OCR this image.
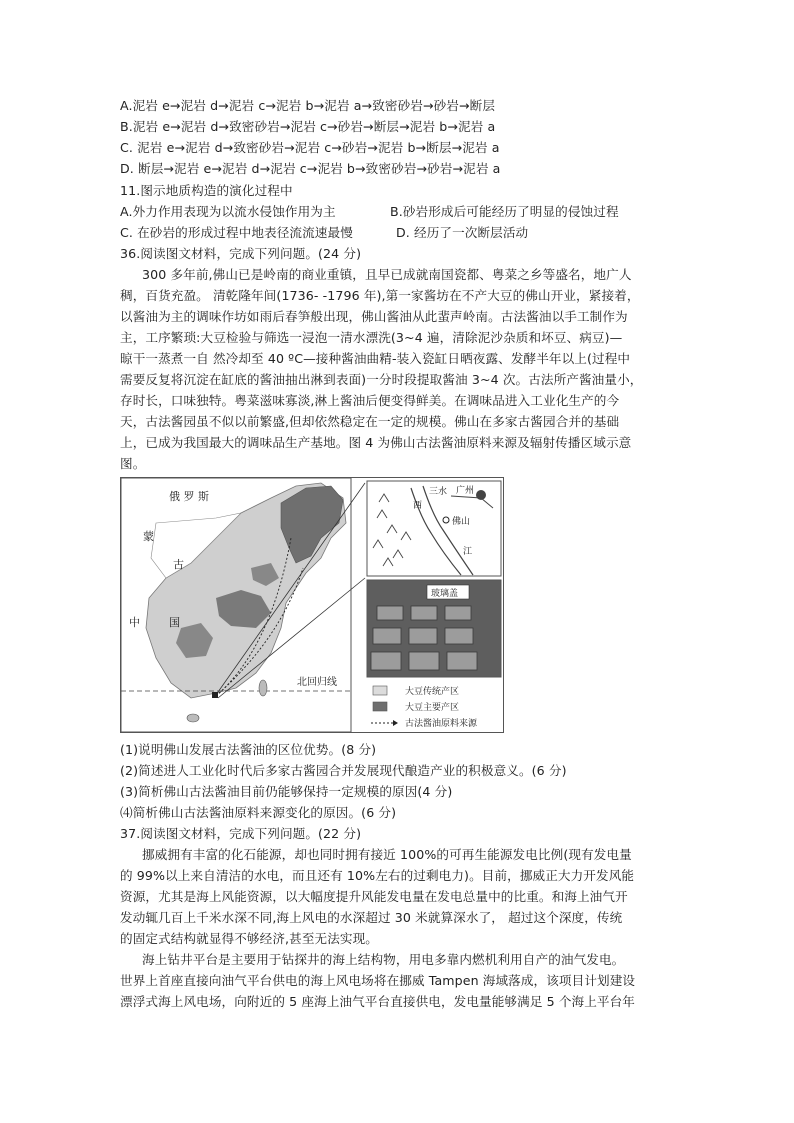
A.泥岩 e→泥岩 d→泥岩 c→泥岩 b→泥岩 a→致密砂岩→砂岩→断层
B.泥岩 e→泥岩 d→致密砂岩→泥岩 c→砂岩→断层→泥岩 b→泥岩 a
C. 泥岩 e→泥岩 d→致密砂岩→泥岩 c→砂岩→泥岩 b→断层→泥岩 a
D. 断层→泥岩 e→泥岩 d→泥岩 c→泥岩 b→致密砂岩→砂岩→泥岩 a
11.图示地质构造的演化过程中
A.外力作用表现为以流水侵蚀作用为主	B.砂岩形成后可能经历了明显的侵蚀过程
C. 在砂岩的形成过程中地表径流流速最慢	D. 经历了一次断层活动
36.阅读图文材料，完成下列问题。(24 分)
300 多年前,佛山已是岭南的商业重镇，且早已成就南国瓷都、粤菜之乡等盛名，地广人
稠，百货充盈。 清乾隆年间(1736- -1796 年),第一家酱坊在不产大豆的佛山开业，紧接着，
以酱油为主的调味作坊如雨后春笋般出现，佛山酱油从此蜚声岭南。古法酱油以手工制作为
主，工序繁琐:大豆检验与筛选一浸泡一清水漂洗(3~4 遍，清除泥沙杂质和坏豆、病豆)—
晾干一蒸煮一自 然冷却至 40 ºC—接种酱油曲精-装入瓷缸日晒夜露、发酵半年以上(过程中
需要反复将沉淀在缸底的酱油抽出淋到表面)一分时段提取酱油 3~4 次。古法所产酱油量小，
存时长，口味独特。粤菜滋味寡淡,淋上酱油后便变得鲜美。在调味品进入工业化生产的今
天，古法酱园虽不似以前繁盛,但却依然稳定在一定的规模。佛山在多家古酱园合并的基础
上，已成为我国最大的调味品生产基地。图 4 为佛山古法酱油原料来源及辐射传播区域示意
图。
北回归线
俄 罗 斯
蒙
古
中	国
三水 广州
佛山
西
江
玻璃盖
大豆传统产区
大豆主要产区
古法酱油原料来源
(1)说明佛山发展古法酱油的区位优势。(8 分)
(2)简述进人工业化时代后多家古酱园合并发展现代酿造产业的积极意义。(6 分)
(3)简析佛山古法酱油目前仍能够保持一定规模的原因(4 分)
⑷简析佛山古法酱油原料来源变化的原因。(6 分)
37.阅读图文材料，完成下列问题。(22 分)
挪威拥有丰富的化石能源，却也同时拥有接近 100%的可再生能源发电比例(现有发电量
的 99%以上来自清洁的水电，而且还有 10%左右的过剩电力)。目前，挪威正大力开发风能
资源，尤其是海上风能资源，以大幅度提升风能发电量在发电总量中的比重。和海上油气开
发动辄几百上千米水深不同,海上风电的水深超过 30 米就算深水了， 超过这个深度，传统
的固定式结构就显得不够经济,甚至无法实现。
海上钻井平台是主要用于钻探井的海上结构物，用电多靠内燃机利用自产的油气发电。
世界上首座直接向油气平台供电的海上风电场将在挪威 Tampen 海域落成，该项目计划建设
漂浮式海上风电场，向附近的 5 座海上油气平台直接供电，发电量能够满足 5 个海上平台年
